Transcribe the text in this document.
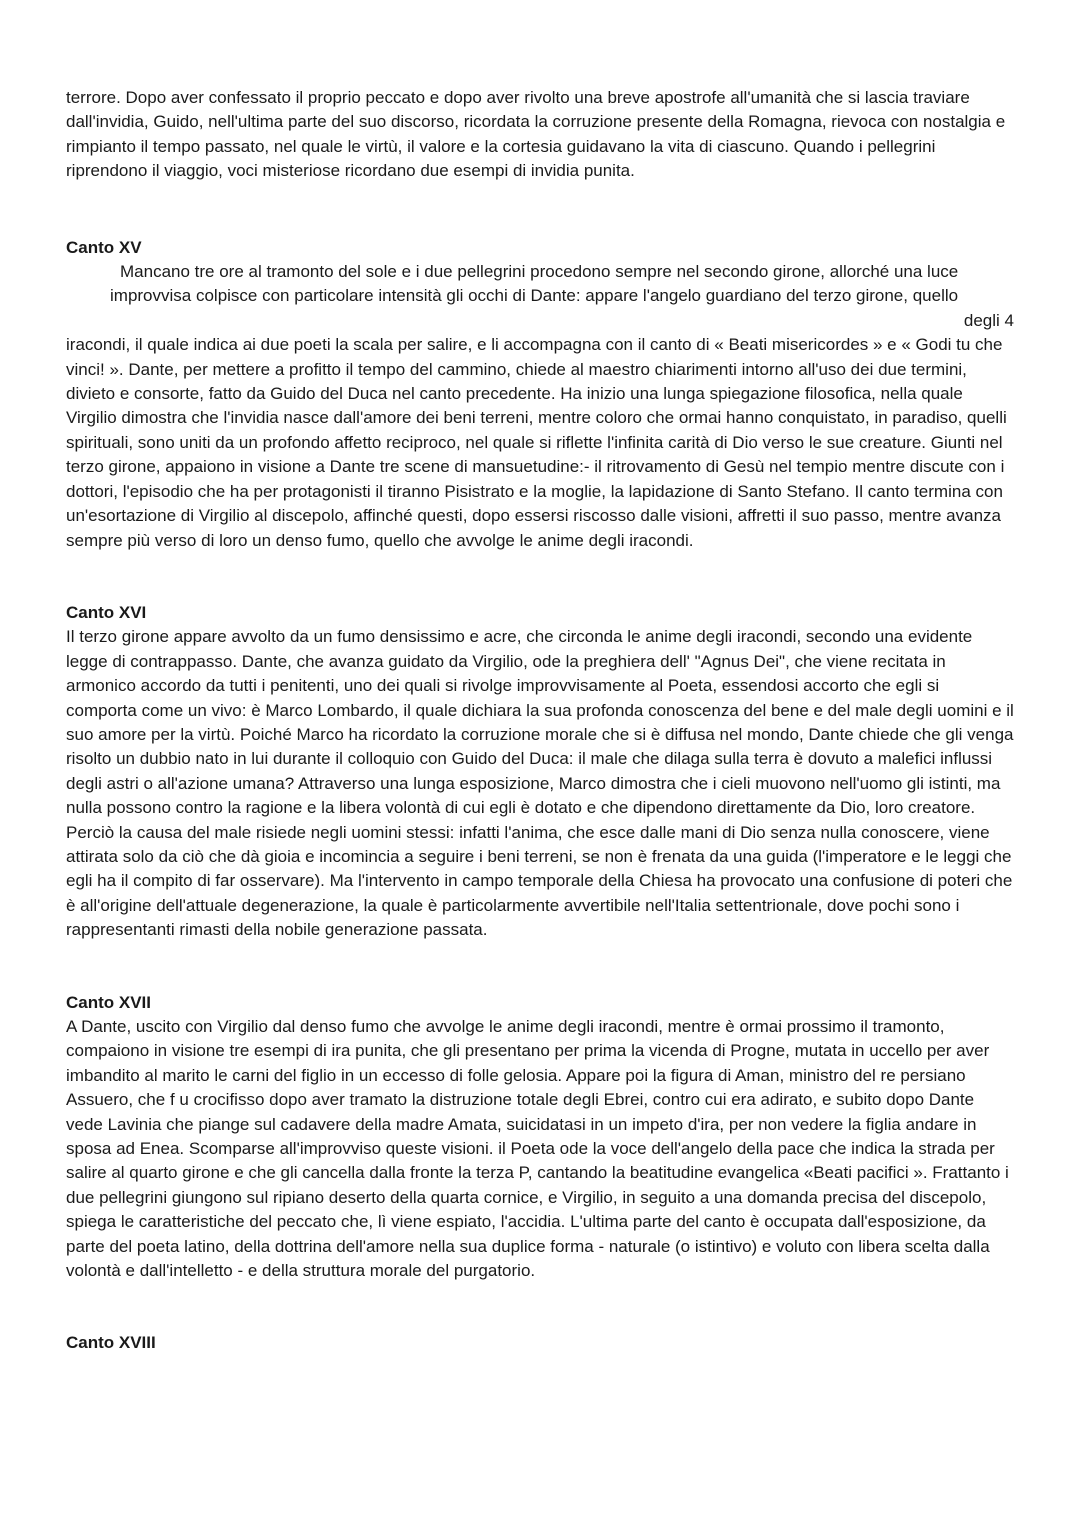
terrore. Dopo aver confessato il proprio peccato e dopo aver rivolto una breve apostrofe all'umanità che si lascia traviare dall'invidia, Guido, nell'ultima parte del suo discorso, ricordata la corruzione presente della Romagna, rievoca con nostalgia e rimpianto il tempo passato, nel quale le virtù, il valore e la cortesia guidavano la vita di ciascuno. Quando i pellegrini riprendono il viaggio, voci misteriose ricordano due esempi di invidia punita.

Canto XV
Mancano tre ore al tramonto del sole e i due pellegrini procedono sempre nel secondo girone, allorché una luce
improvvisa colpisce con particolare intensità gli occhi di Dante: appare l'angelo guardiano del terzo girone, quello
degli 4

iracondi, il quale indica ai due poeti la scala per salire, e li accompagna con il canto di « Beati misericordes » e « Godi tu che vinci! ». Dante, per mettere a profitto il tempo del cammino, chiede al maestro chiarimenti intorno all'uso dei due termini, divieto e consorte, fatto da Guido del Duca nel canto precedente. Ha inizio una lunga spiegazione filosofica, nella quale Virgilio dimostra che l'invidia nasce dall'amore dei beni terreni, mentre coloro che ormai hanno conquistato, in paradiso, quelli spirituali, sono uniti da un profondo affetto reciproco, nel quale si riflette l'infinita carità di Dio verso le sue creature. Giunti nel terzo girone, appaiono in visione a Dante tre scene di mansuetudine:- il ritrovamento di Gesù nel tempio mentre discute con i dottori, l'episodio che ha per protagonisti il tiranno Pisistrato e la moglie, la lapidazione di Santo Stefano. Il canto termina con un'esortazione di Virgilio al discepolo, affinché questi, dopo essersi riscosso dalle visioni, affretti il suo passo, mentre avanza sempre più verso di loro un denso fumo, quello che avvolge le anime degli iracondi.

Canto XVI

Il terzo girone appare avvolto da un fumo densissimo e acre, che circonda le anime degli iracondi, secondo una evidente legge di contrappasso. Dante, che avanza guidato da Virgilio, ode la preghiera dell' "Agnus Dei", che viene recitata in armonico accordo da tutti i penitenti, uno dei quali si rivolge improvvisamente al Poeta, essendosi accorto che egli si comporta come un vivo: è Marco Lombardo, il quale dichiara la sua profonda conoscenza del bene e del male degli uomini e il suo amore per la virtù. Poiché Marco ha ricordato la corruzione morale che si è diffusa nel mondo, Dante chiede che gli venga risolto un dubbio nato in lui durante il colloquio con Guido del Duca: il male che dilaga sulla terra è dovuto a malefici influssi degli astri o all'azione umana? Attraverso una lunga esposizione, Marco dimostra che i cieli muovono nell'uomo gli istinti, ma nulla possono contro la ragione e la libera volontà di cui egli è dotato e che dipendono direttamente da Dio, loro creatore. Perciò la causa del male risiede negli uomini stessi: infatti l'anima, che esce dalle mani di Dio senza nulla conoscere, viene attirata solo da ciò che dà gioia e incomincia a seguire i beni terreni, se non è frenata da una guida (l'imperatore e le leggi che egli ha il compito di far osservare). Ma l'intervento in campo temporale della Chiesa ha provocato una confusione di poteri che è all'origine dell'attuale degenerazione, la quale è particolarmente avvertibile nell'Italia settentrionale, dove pochi sono i rappresentanti rimasti della nobile generazione passata.

Canto XVII

A Dante, uscito con Virgilio dal denso fumo che avvolge le anime degli iracondi, mentre è ormai prossimo il tramonto, compaiono in visione tre esempi di ira punita, che gli presentano per prima la vicenda di Progne, mutata in uccello per aver imbandito al marito le carni del figlio in un eccesso di folle gelosia. Appare poi la figura di Aman, ministro del re persiano Assuero, che f u crocifisso dopo aver tramato la distruzione totale degli Ebrei, contro cui era adirato, e subito dopo Dante vede Lavinia che piange sul cadavere della madre Amata, suicidatasi in un impeto d'ira, per non vedere la figlia andare in sposa ad Enea. Scomparse all'improvviso queste visioni. il Poeta ode la voce dell'angelo della pace che indica la strada per salire al quarto girone e che gli cancella dalla fronte la terza P, cantando la beatitudine evangelica «Beati pacifici ». Frattanto i due pellegrini giungono sul ripiano deserto della quarta cornice, e Virgilio, in seguito a una domanda precisa del discepolo, spiega le caratteristiche del peccato che, lì viene espiato, l'accidia. L'ultima parte del canto è occupata dall'esposizione, da parte del poeta latino, della dottrina dell'amore nella sua duplice forma - naturale (o istintivo) e voluto con libera scelta dalla volontà e dall'intelletto - e della struttura morale del purgatorio.

Canto XVIII
